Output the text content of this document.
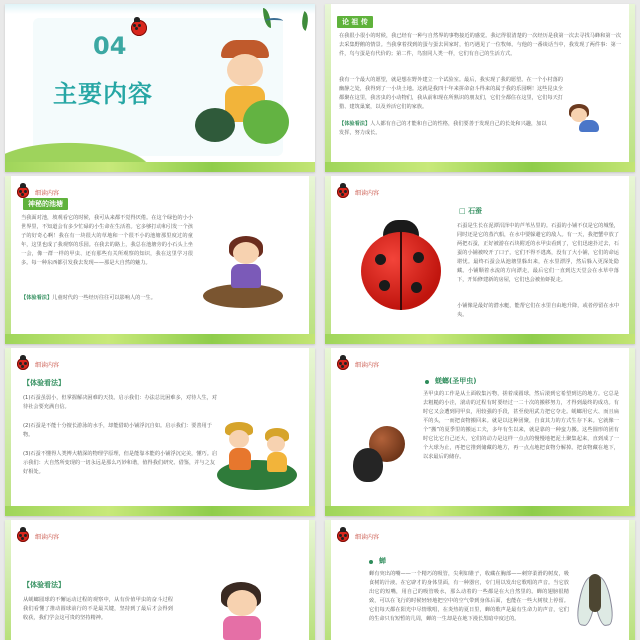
04
主要内容
论 祖 传
在我很小很小的时候，我已经有一种与自然界的事物接近的感觉。我记得很清楚的一次经历是我第一次去寻找马蜂和第一次去采集野鹅的情景。当我拿着找到的蛋与蛋去回家时，怕巧遇见了一位牧师。与他的一番谈话当中，我发现了两件事：第一件，鸟与蛋是有代价的；第二件，鸟窗同人类一样，它们有自己的生活方式。
我有一个最大的愿望，就是想在野外建立一个试验室。最后，我实现了我的愿望。在一个小村落的幽静之处，我得到了一小块土地。这就是我四十年来拼命奋斗得来的属于我的乐园啊！这些昆虫全都聚在这里，我害虫的小动物们，我从前和现在所熟识的朋友们，它们全都住在这里，它们每天打猎、建筑巢窠，以及养活它们的家族。
【体验看法】人人都有自己的才能和自己的性格，我们要善于发现自己的长处和兴趣，加以发挥，努力成长。
细读内容
神秘的池塘
当我面对池，坡观看它的时候，我可从来都不觉得厌倦。在这个绿色的小小世界里，不知道会有多少忙碌的小生命在生活着。它多够打动和引发一个孩子的好奇心啊！我在有一块很大的草地和一个很不小的池塘那里度过的童年，这里也成了我观察的乐园。在我去的路上，我总在池塘旁的小石头上坐一会，像一群一样的甲虫、还有那些有关所观察的知识，我在这里学习很多。每一种东西都引发我去发现——那是大自然的魅力。
【体验看法】儿童时代的一些经历往往可以影响人的一生。
细读内容
□ 石蚕
石蚕是生长在泥潭沼泽中的芦苇丛里的。石蚕的小铺不仅是它的城堡，同时还是它的蒸汽船，在水中要躲避它的敌人。有一天，我把蟹中放了两把石蚕，正好被游在石块附近的水甲虫看到了，它们迅速扑过去，石蚕的小铺被咬开了口子，它们不得不逃离，没有了大小铺，它们的命运堪忧。最终石蚕会从池塘里躲出来，在水里漂浮，然后躲入更深处隐藏。小铺顺着水流的方向漂走，最后它们一直到达天堂会在水草中落下，开始修建新的房屋，它们也会被鱼虾捉走。
小铺像是最好的潜水艇，能帮它们在水里自由地升降，或者停留在水中央。
细读内容
【体验看法】
(1)石蚕虽弱小，但掌握解决困难的天技。启示我们：办法总比困难多，对待人生，对待社会要充满自信。
(2)石蚕是不能十分擅长游泳的水手，却能借助小铺浮沉自如。启示我们：要善用于物。
(3)石蚕不懂得人类博大精深的物理学原理，但是能靠本能的小铺浮沉完美，懂巧。启示我们：大自然所变现的一切永远是那么巧妙和谐，值得我们研究、借鉴，并与之友好相处。
细读内容
蜣螂(圣甲虫)
圣甲虫的工作是从土面收集污物，搓着成圆球，然后滚到它希望到达的地方。它总是去粗糙的小洼，滚动的过程有时要经过一二十次的搬移努力，才得到最终的成功。有时它又会遭到同甲虫，用较强的手段，甚至使用武力把它夺走。蜣螂用它大、而且扁平的头，一而把食物搬回来。就是以这种团聚，自食其力的方式生存下来。它就像一个“搬”的夏季里的搬运工夫，多年有生以来，就是靠的一种蛮力搬。这些圆形的团有时它比它自己还大，它们的动力是这样一点点的慢慢地把泥土聚集起来，直到成了一个大球为止，再把它推到储藏的地方，再一点点地把食物分解掉。把食物藏在地下，以求最后的储存。
细读内容
【体验看法】
从蜣螂圆球的不懈运动过程的观察中，从有价值甲虫的奋斗过程我们看懂了推动圆球前行的不是最关键，坚持到了最后才会得到收获，我们学会这可贵的坚持精神。
细读内容
蝉
蝉有突出的嘴——一个精巧的吸管，尖利如锥子，收藏在胸部——刺穿柔滑的树皮，吸食树的汁液。在它辟才的身体里面，有一种器官，专门用以发出它歌唱的声音。当它放出它的短嘴，用自己的吸管吸水，那么动着的一些都是在大自然里的。蝉的翅膀很精致，可以在飞行的时候轻轻地把空中的空气带到身体后面，也能在一些大树枝上停留。它们每天都在阳光中尽情歌唱，在炎热的夏日里，蝉的歌声是最有生命力的声音，它们的生命只有短暂的几周，蝉的一生却是在地下漫长黑暗中度过的。
